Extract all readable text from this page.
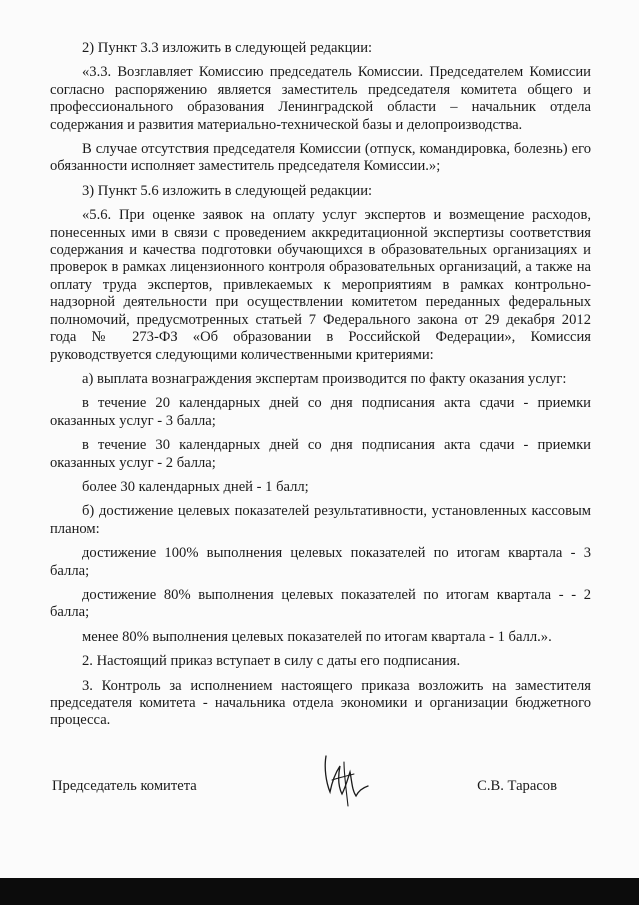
2) Пункт 3.3 изложить в следующей редакции:

«3.3. Возглавляет Комиссию председатель Комиссии. Председателем Комиссии согласно распоряжению является заместитель председателя комитета общего и профессионального образования Ленинградской области – начальник отдела содержания и развития материально-технической базы и делопроизводства.

В случае отсутствия председателя Комиссии (отпуск, командировка, болезнь) его обязанности исполняет заместитель председателя Комиссии.»;

3) Пункт 5.6 изложить в следующей редакции:

«5.6. При оценке заявок на оплату услуг экспертов и возмещение расходов, понесенных ими в связи с проведением аккредитационной экспертизы соответствия содержания и качества подготовки обучающихся в образовательных организациях и проверок в рамках лицензионного контроля образовательных организаций, а также на оплату труда экспертов, привлекаемых к мероприятиям в рамках контрольно-надзорной деятельности при осуществлении комитетом переданных федеральных полномочий, предусмотренных статьей 7 Федерального закона от 29 декабря 2012 года № 273-ФЗ «Об образовании в Российской Федерации», Комиссия руководствуется следующими количественными критериями:

а) выплата вознаграждения экспертам производится по факту оказания услуг:

в течение 20 календарных дней со дня подписания акта сдачи - приемки оказанных услуг - 3 балла;

в течение 30 календарных дней со дня подписания акта сдачи - приемки оказанных услуг - 2 балла;

более 30 календарных дней - 1 балл;

б) достижение целевых показателей результативности, установленных кассовым планом:

достижение 100% выполнения целевых показателей по итогам квартала - 3 балла;

достижение 80% выполнения целевых показателей по итогам квартала - - 2 балла;

менее 80% выполнения целевых показателей по итогам квартала - 1 балл.».

2. Настоящий приказ вступает в силу с даты его подписания.

3. Контроль за исполнением настоящего приказа возложить на заместителя председателя комитета - начальника отдела экономики и организации бюджетного процесса.

Председатель комитета	С.В. Тарасов
